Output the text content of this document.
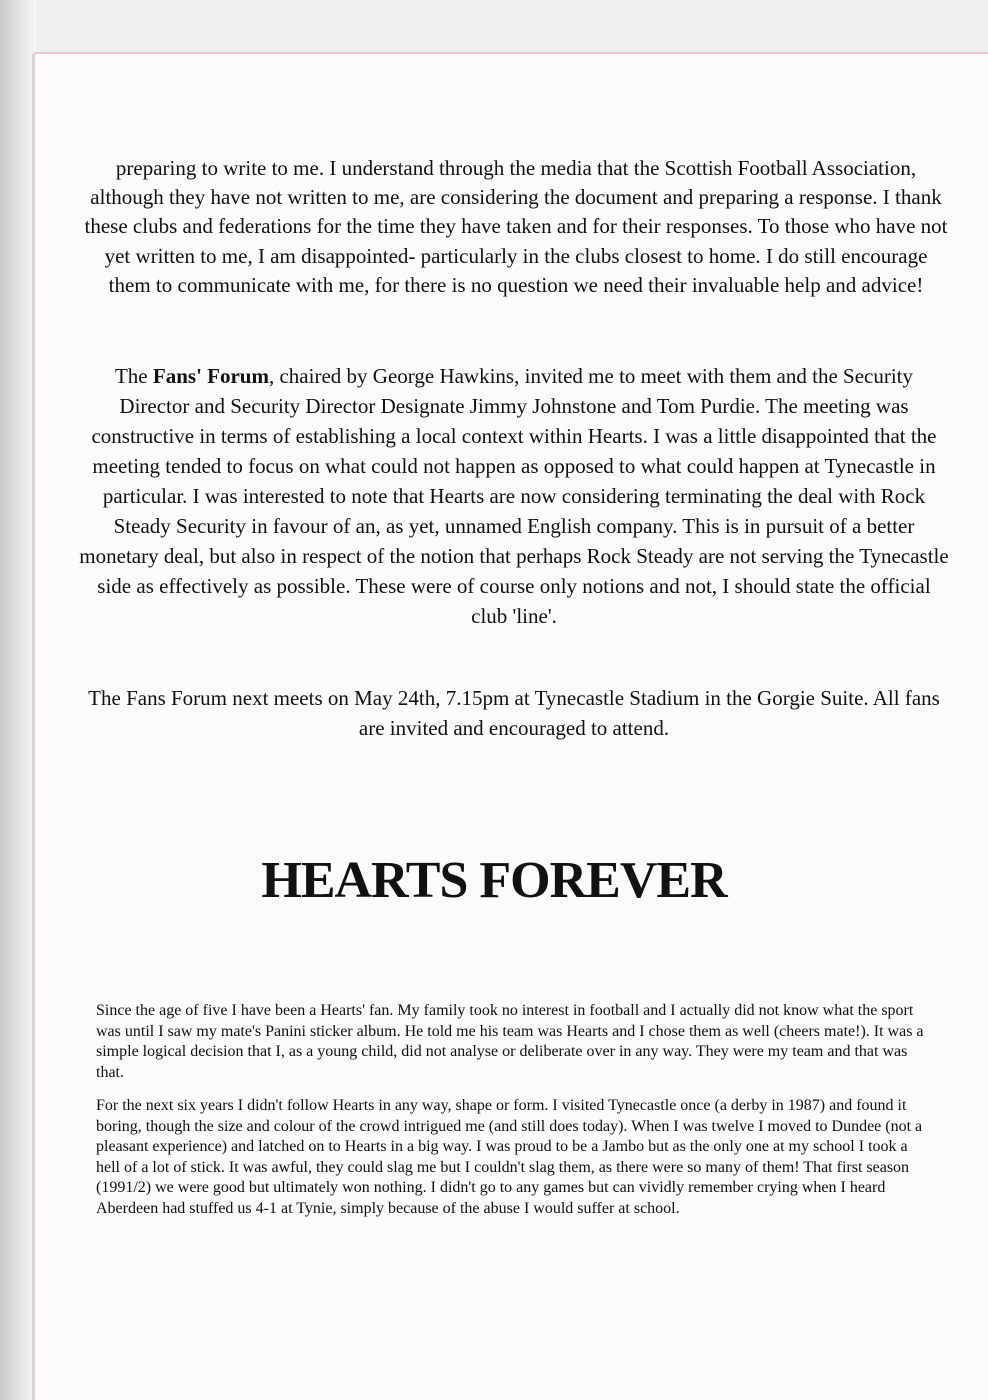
preparing to write to me. I understand through the media that the Scottish Football Association, although they have not written to me, are considering the document and preparing a response. I thank these clubs and federations for the time they have taken and for their responses. To those who have not yet written to me, I am disappointed- particularly in the clubs closest to home. I do still encourage them to communicate with me, for there is no question we need their invaluable help and advice!

The Fans' Forum, chaired by George Hawkins, invited me to meet with them and the Security Director and Security Director Designate Jimmy Johnstone and Tom Purdie. The meeting was constructive in terms of establishing a local context within Hearts. I was a little disappointed that the meeting tended to focus on what could not happen as opposed to what could happen at Tynecastle in particular. I was interested to note that Hearts are now considering terminating the deal with Rock Steady Security in favour of an, as yet, unnamed English company. This is in pursuit of a better monetary deal, but also in respect of the notion that perhaps Rock Steady are not serving the Tynecastle side as effectively as possible. These were of course only notions and not, I should state the official club 'line'.

The Fans Forum next meets on May 24th, 7.15pm at Tynecastle Stadium in the Gorgie Suite. All fans are invited and encouraged to attend.

HEARTS FOREVER

Since the age of five I have been a Hearts' fan. My family took no interest in football and I actually did not know what the sport was until I saw my mate's Panini sticker album. He told me his team was Hearts and I chose them as well (cheers mate!). It was a simple logical decision that I, as a young child, did not analyse or deliberate over in any way. They were my team and that was that.

For the next six years I didn't follow Hearts in any way, shape or form. I visited Tynecastle once (a derby in 1987) and found it boring, though the size and colour of the crowd intrigued me (and still does today). When I was twelve I moved to Dundee (not a pleasant experience) and latched on to Hearts in a big way. I was proud to be a Jambo but as the only one at my school I took a hell of a lot of stick. It was awful, they could slag me but I couldn't slag them, as there were so many of them! That first season (1991/2) we were good but ultimately won nothing. I didn't go to any games but can vividly remember crying when I heard Aberdeen had stuffed us 4-1 at Tynie, simply because of the abuse I would suffer at school.
